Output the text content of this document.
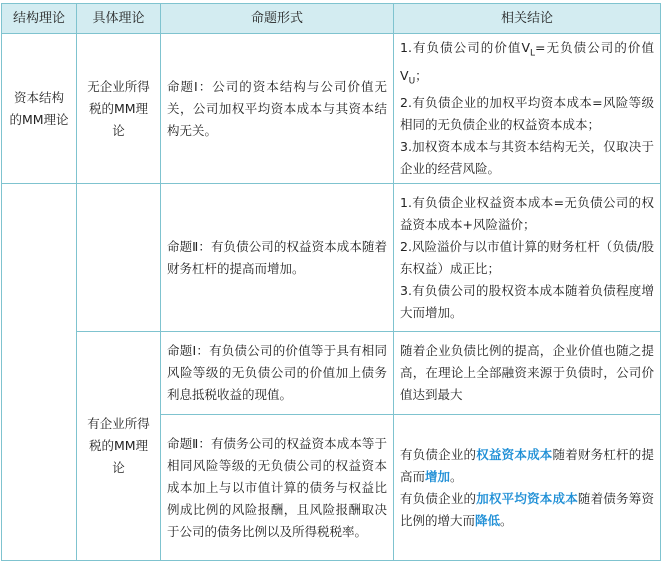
结构理论	具体理论	命题形式	相关结论
资本结构的MM理论	无企业所得税的MM理论	命题Ⅰ：公司的资本结构与公司价值无关，公司加权平均资本成本与其资本结构无关。	1.有负债公司的价值$V_L=$无负债公司的价值$V_U$；
2.有负债企业的加权平均资本成本=风险等级相同的无负债企业的权益资本成本；
3.加权资本成本与其资本结构无关，仅取决于企业的经营风险。
		命题Ⅱ：有负债公司的权益资本成本随着财务杠杆的提高而增加。	1.有负债企业权益资本成本=无负债公司的权益资本成本+风险溢价；
2.风险溢价与以市值计算的财务杠杆（负债/股东权益）成正比；
3.有负债公司的股权资本成本随着负债程度增大而增加。
	有企业所得税的MM理论	命题Ⅰ：有负债公司的价值等于具有相同风险等级的无负债公司的价值加上债务利息抵税收益的现值。	随着企业负债比例的提高，企业价值也随之提高，在理论上全部融资来源于负债时，公司价值达到最大
		命题Ⅱ：有债务公司的权益资本成本等于相同风险等级的无负债公司的权益资本成本加上与以市值计算的债务与权益比例成比例的风险报酬，且风险报酬取决于公司的债务比例以及所得税税率。	有负债企业的权益资本成本随着财务杠杆的提高而增加。
有负债企业的加权平均资本成本随着债务筹资比例的增大而降低。
